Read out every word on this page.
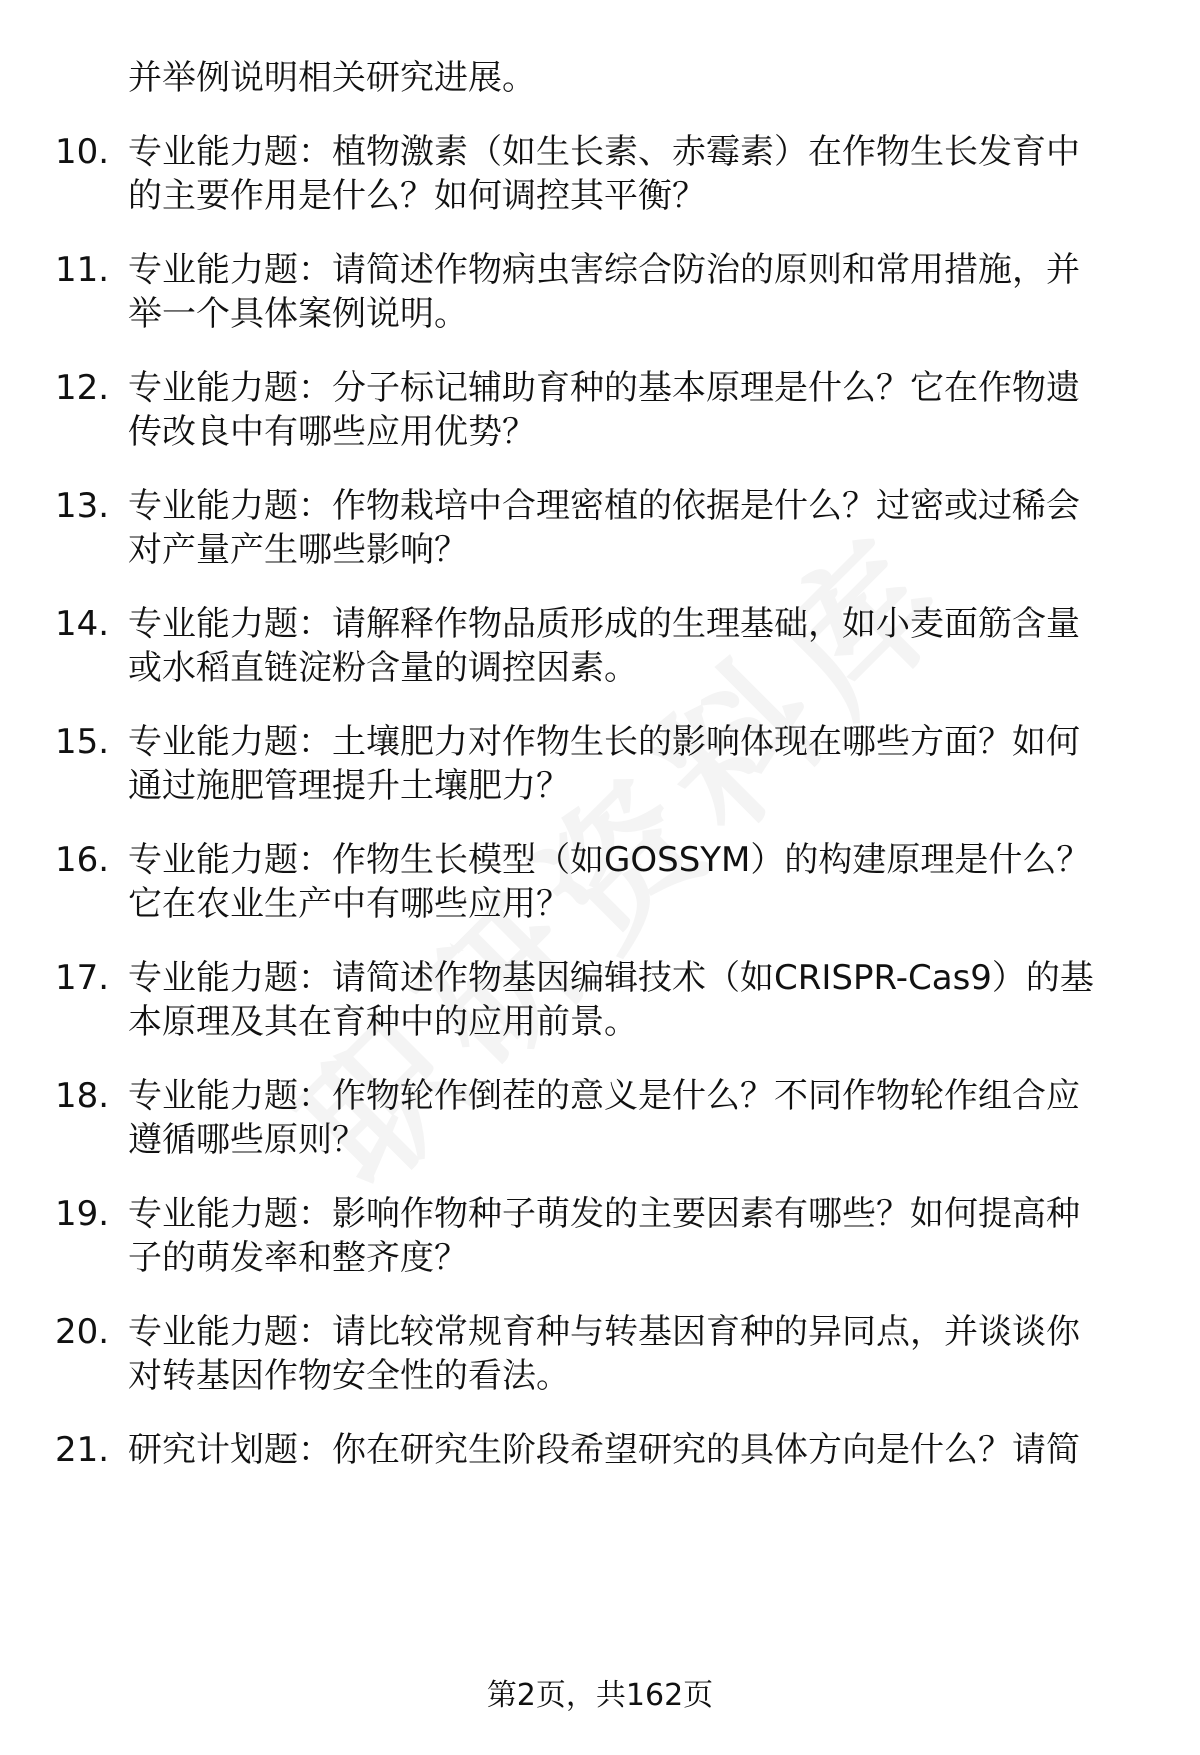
并举例说明相关研究进展。
10. 专业能力题：植物激素（如生长素、赤霉素）在作物生长发育中
的主要作用是什么？如何调控其平衡？
11. 专业能力题：请简述作物病虫害综合防治的原则和常用措施，并
举一个具体案例说明。
12. 专业能力题：分子标记辅助育种的基本原理是什么？它在作物遗
传改良中有哪些应用优势？
13. 专业能力题：作物栽培中合理密植的依据是什么？过密或过稀会
对产量产生哪些影响？
14. 专业能力题：请解释作物品质形成的生理基础，如小麦面筋含量
或水稻直链淀粉含量的调控因素。
15. 专业能力题：土壤肥力对作物生长的影响体现在哪些方面？如何
通过施肥管理提升土壤肥力？
16. 专业能力题：作物生长模型（如GOSSYM）的构建原理是什么？
它在农业生产中有哪些应用？
17. 专业能力题：请简述作物基因编辑技术（如CRISPR-Cas9）的基
本原理及其在育种中的应用前景。
18. 专业能力题：作物轮作倒茬的意义是什么？不同作物轮作组合应
遵循哪些原则？
19. 专业能力题：影响作物种子萌发的主要因素有哪些？如何提高种
子的萌发率和整齐度？
20. 专业能力题：请比较常规育种与转基因育种的异同点，并谈谈你
对转基因作物安全性的看法。
21. 研究计划题：你在研究生阶段希望研究的具体方向是什么？请简
第2页，共162页
